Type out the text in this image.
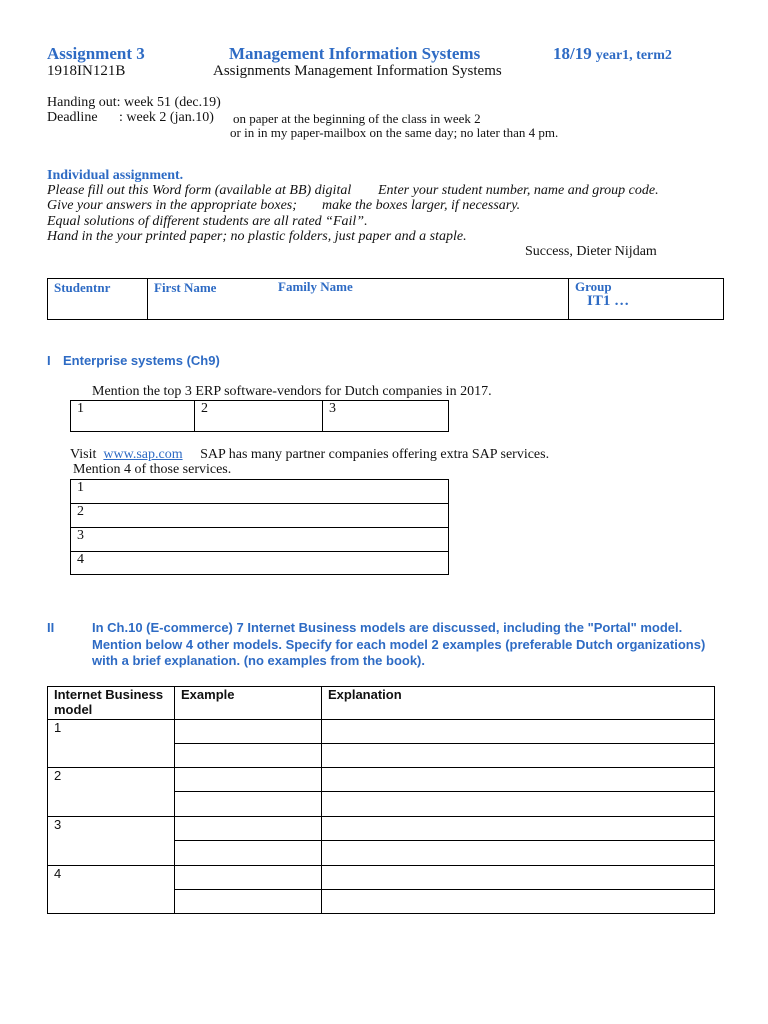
Assignment 3	Management Information Systems	18/19 year1, term2
1918IN121B	Assignments Management Information Systems
Handing out: week 51 (dec.19)
Deadline : week 2 (jan.10) on paper at the beginning of the class in week 2
or in in my paper-mailbox on the same day; no later than 4 pm.
Individual assignment.
Please fill out this Word form (available at BB) digital Enter your student number, name and group code.
Give your answers in the appropriate boxes; make the boxes larger, if necessary.
Equal solutions of different students are all rated “Fail”.
Hand in the your printed paper; no plastic folders, just paper and a staple.
Success, Dieter Nijdam
Studentnr	First Name	Family Name	Group
IT1 …
I Enterprise systems (Ch9)
Mention the top 3 ERP software-vendors for Dutch companies in 2017.
1	2	3
Visit www.sap.com SAP has many partner companies offering extra SAP services.
Mention 4 of those services.
1
2
3
4
II	In Ch.10 (E-commerce) 7 Internet Business models are discussed, including the "Portal" model.
Mention below 4 other models. Specify for each model 2 examples (preferable Dutch organizations)
with a brief explanation. (no examples from the book).
Internet Business
model	Example	Explanation
1		

2		

3		

4		
